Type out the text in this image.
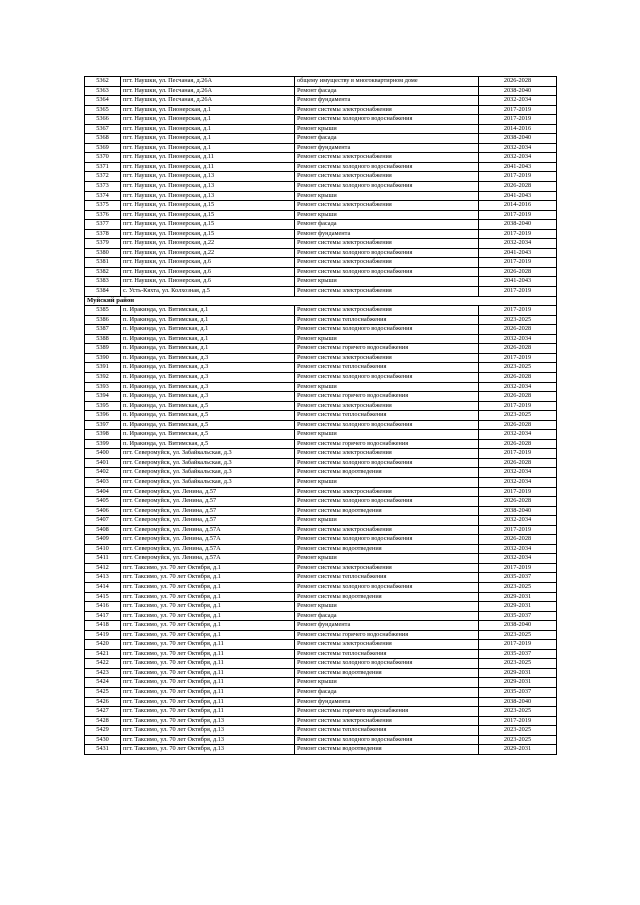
5362	пгт. Наушки, ул. Песчаная, д.26А	общему имуществу в многоквартирном доме	2026-2028
5363	пгт. Наушки, ул. Песчаная, д.26А	Ремонт фасада	2038-2040
5364	пгт. Наушки, ул. Песчаная, д.26А	Ремонт фундамента	2032-2034
5365	пгт. Наушки, ул. Пионерская, д.1	Ремонт системы электроснабжения	2017-2019
5366	пгт. Наушки, ул. Пионерская, д.1	Ремонт системы холодного водоснабжения	2017-2019
5367	пгт. Наушки, ул. Пионерская, д.1	Ремонт крыши	2014-2016
5368	пгт. Наушки, ул. Пионерская, д.1	Ремонт фасада	2038-2040
5369	пгт. Наушки, ул. Пионерская, д.1	Ремонт фундамента	2032-2034
5370	пгт. Наушки, ул. Пионерская, д.11	Ремонт системы электроснабжения	2032-2034
5371	пгт. Наушки, ул. Пионерская, д.11	Ремонт системы холодного водоснабжения	2041-2043
5372	пгт. Наушки, ул. Пионерская, д.13	Ремонт системы электроснабжения	2017-2019
5373	пгт. Наушки, ул. Пионерская, д.13	Ремонт системы холодного водоснабжения	2026-2028
5374	пгт. Наушки, ул. Пионерская, д.13	Ремонт крыши	2041-2043
5375	пгт. Наушки, ул. Пионерская, д.15	Ремонт системы электроснабжения	2014-2016
5376	пгт. Наушки, ул. Пионерская, д.15	Ремонт крыши	2017-2019
5377	пгт. Наушки, ул. Пионерская, д.15	Ремонт фасада	2038-2040
5378	пгт. Наушки, ул. Пионерская, д.15	Ремонт фундамента	2017-2019
5379	пгт. Наушки, ул. Пионерская, д.22	Ремонт системы электроснабжения	2032-2034
5380	пгт. Наушки, ул. Пионерская, д.22	Ремонт системы холодного водоснабжения	2041-2043
5381	пгт. Наушки, ул. Пионерская, д.6	Ремонт системы электроснабжения	2017-2019
5382	пгт. Наушки, ул. Пионерская, д.6	Ремонт системы холодного водоснабжения	2026-2028
5383	пгт. Наушки, ул. Пионерская, д.6	Ремонт крыши	2041-2043
5384	с. Усть-Кяхта, ул. Колхозная, д.5	Ремонт системы электроснабжения	2017-2019
Муйский район			
5385	п. Иракинда, ул. Витимская, д.1	Ремонт системы электроснабжения	2017-2019
5386	п. Иракинда, ул. Витимская, д.1	Ремонт системы теплоснабжения	2023-2025
5387	п. Иракинда, ул. Витимская, д.1	Ремонт системы холодного водоснабжения	2026-2028
5388	п. Иракинда, ул. Витимская, д.1	Ремонт крыши	2032-2034
5389	п. Иракинда, ул. Витимская, д.1	Ремонт системы горячего водоснабжения	2026-2028
5390	п. Иракинда, ул. Витимская, д.3	Ремонт системы электроснабжения	2017-2019
5391	п. Иракинда, ул. Витимская, д.3	Ремонт системы теплоснабжения	2023-2025
5392	п. Иракинда, ул. Витимская, д.3	Ремонт системы холодного водоснабжения	2026-2028
5393	п. Иракинда, ул. Витимская, д.3	Ремонт крыши	2032-2034
5394	п. Иракинда, ул. Витимская, д.3	Ремонт системы горячего водоснабжения	2026-2028
5395	п. Иракинда, ул. Витимская, д.5	Ремонт системы электроснабжения	2017-2019
5396	п. Иракинда, ул. Витимская, д.5	Ремонт системы теплоснабжения	2023-2025
5397	п. Иракинда, ул. Витимская, д.5	Ремонт системы холодного водоснабжения	2026-2028
5398	п. Иракинда, ул. Витимская, д.5	Ремонт крыши	2032-2034
5399	п. Иракинда, ул. Витимская, д.5	Ремонт системы горячего водоснабжения	2026-2028
5400	пгт. Северомуйск, ул. Забайкальская, д.3	Ремонт системы электроснабжения	2017-2019
5401	пгт. Северомуйск, ул. Забайкальская, д.3	Ремонт системы холодного водоснабжения	2026-2028
5402	пгт. Северомуйск, ул. Забайкальская, д.3	Ремонт системы водоотведения	2032-2034
5403	пгт. Северомуйск, ул. Забайкальская, д.3	Ремонт крыши	2032-2034
5404	пгт. Северомуйск, ул. Ленина, д.57	Ремонт системы электроснабжения	2017-2019
5405	пгт. Северомуйск, ул. Ленина, д.57	Ремонт системы холодного водоснабжения	2026-2028
5406	пгт. Северомуйск, ул. Ленина, д.57	Ремонт системы водоотведения	2038-2040
5407	пгт. Северомуйск, ул. Ленина, д.57	Ремонт крыши	2032-2034
5408	пгт. Северомуйск, ул. Ленина, д.57А	Ремонт системы электроснабжения	2017-2019
5409	пгт. Северомуйск, ул. Ленина, д.57А	Ремонт системы холодного водоснабжения	2026-2028
5410	пгт. Северомуйск, ул. Ленина, д.57А	Ремонт системы водоотведения	2032-2034
5411	пгт. Северомуйск, ул. Ленина, д.57А	Ремонт крыши	2032-2034
5412	пгт. Таксимо, ул. 70 лет Октября, д.1	Ремонт системы электроснабжения	2017-2019
5413	пгт. Таксимо, ул. 70 лет Октября, д.1	Ремонт системы теплоснабжения	2035-2037
5414	пгт. Таксимо, ул. 70 лет Октября, д.1	Ремонт системы холодного водоснабжения	2023-2025
5415	пгт. Таксимо, ул. 70 лет Октября, д.1	Ремонт системы водоотведения	2029-2031
5416	пгт. Таксимо, ул. 70 лет Октября, д.1	Ремонт крыши	2029-2031
5417	пгт. Таксимо, ул. 70 лет Октября, д.1	Ремонт фасада	2035-2037
5418	пгт. Таксимо, ул. 70 лет Октября, д.1	Ремонт фундамента	2038-2040
5419	пгт. Таксимо, ул. 70 лет Октября, д.1	Ремонт системы горячего водоснабжения	2023-2025
5420	пгт. Таксимо, ул. 70 лет Октября, д.11	Ремонт системы электроснабжения	2017-2019
5421	пгт. Таксимо, ул. 70 лет Октября, д.11	Ремонт системы теплоснабжения	2035-2037
5422	пгт. Таксимо, ул. 70 лет Октября, д.11	Ремонт системы холодного водоснабжения	2023-2025
5423	пгт. Таксимо, ул. 70 лет Октября, д.11	Ремонт системы водоотведения	2029-2031
5424	пгт. Таксимо, ул. 70 лет Октября, д.11	Ремонт крыши	2029-2031
5425	пгт. Таксимо, ул. 70 лет Октября, д.11	Ремонт фасада	2035-2037
5426	пгт. Таксимо, ул. 70 лет Октября, д.11	Ремонт фундамента	2038-2040
5427	пгт. Таксимо, ул. 70 лет Октября, д.11	Ремонт системы горячего водоснабжения	2023-2025
5428	пгт. Таксимо, ул. 70 лет Октября, д.13	Ремонт системы электроснабжения	2017-2019
5429	пгт. Таксимо, ул. 70 лет Октября, д.13	Ремонт системы теплоснабжения	2023-2025
5430	пгт. Таксимо, ул. 70 лет Октября, д.13	Ремонт системы холодного водоснабжения	2023-2025
5431	пгт. Таксимо, ул. 70 лет Октября, д.13	Ремонт системы водоотведения	2029-2031
